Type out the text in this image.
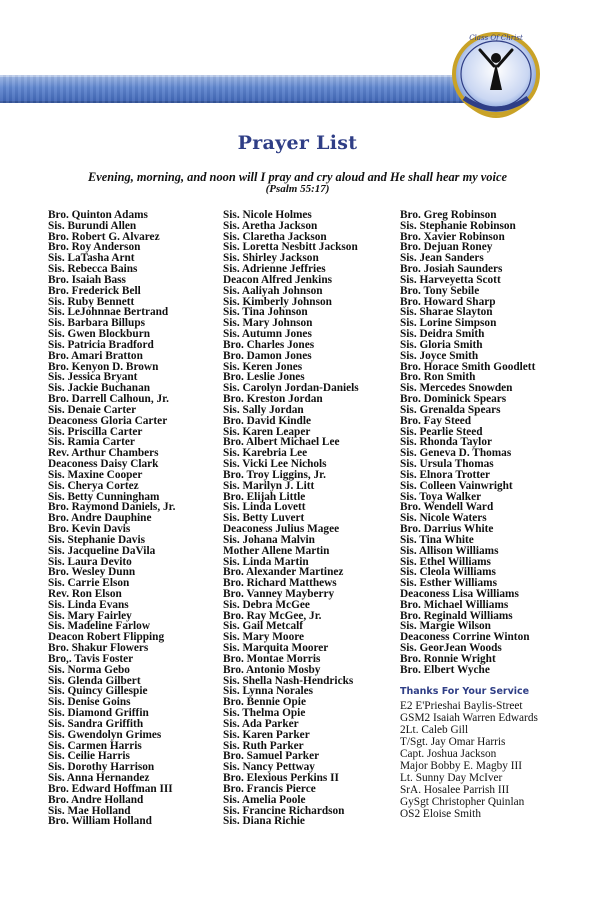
Class Of Christ
Prayer List
Evening, morning, and noon will I pray and cry aloud and He shall hear my voice
(Psalm 55:17)
Bro. Quinton Adams
Sis. Burundi Allen
Bro. Robert G. Alvarez
Bro. Roy Anderson
Sis. LaTasha Arnt
Sis. Rebecca Bains
Bro. Isaiah Bass
Bro. Frederick Bell
Sis. Ruby Bennett
Sis. LeJohnnae Bertrand
Sis. Barbara Billups
Sis. Gwen Blockburn
Sis. Patricia Bradford
Bro. Amari Bratton
Bro. Kenyon D. Brown
Sis. Jessica Bryant
Sis. Jackie Buchanan
Bro. Darrell Calhoun, Jr.
Sis. Denaie Carter
Deaconess Gloria Carter
Sis. Priscilla Carter
Sis. Ramia Carter
Rev. Arthur Chambers
Deaconess Daisy Clark
Sis. Maxine Cooper
Sis. Cherya Cortez
Sis. Betty Cunningham
Bro. Raymond Daniels, Jr.
Bro. Andre Dauphine
Bro. Kevin Davis
Sis. Stephanie Davis
Sis. Jacqueline DaVila
Sis. Laura Devito
Bro. Wesley Dunn
Sis. Carrie Elson
Rev. Ron Elson
Sis. Linda Evans
Sis. Mary Fairley
Sis. Madeline Farlow
Deacon Robert Flipping
Bro. Shakur Flowers
Bro,. Tavis Foster
Sis. Norma Gebo
Sis. Glenda Gilbert
Sis. Quincy Gillespie
Sis. Denise Goins
Sis. Diamond Griffin
Sis. Sandra Griffith
Sis. Gwendolyn Grimes
Sis. Carmen Harris
Sis. Ceilie Harris
Sis. Dorothy Harrison
Sis. Anna Hernandez
Bro. Edward Hoffman III
Bro. Andre Holland
Sis. Mae Holland
Bro. William Holland
Sis. Nicole Holmes
Sis. Aretha Jackson
Sis. Claretha Jackson
Sis. Loretta Nesbitt Jackson
Sis. Shirley Jackson
Sis. Adrienne Jeffries
Deacon Alfred Jenkins
Sis. Aaliyah Johnson
Sis. Kimberly Johnson
Sis. Tina Johnson
Sis. Mary Johnson
Sis. Autumn Jones
Bro. Charles Jones
Bro. Damon Jones
Sis. Keren Jones
Bro. Leslie Jones
Sis. Carolyn Jordan-Daniels
Bro. Kreston Jordan
Sis. Sally Jordan
Bro. David Kindle
Sis. Karen Leaper
Bro. Albert Michael Lee
Sis. Karebria Lee
Sis. Vicki Lee Nichols
Bro. Troy Liggins, Jr.
Sis. Marilyn J. Litt
Bro. Elijah Little
Sis. Linda Lovett
Sis. Betty Luvert
Deaconess Julius Magee
Sis. Johana Malvin
Mother Allene Martin
Sis. Linda Martin
Bro. Alexander Martinez
Bro. Richard Matthews
Bro. Vanney Mayberry
Sis. Debra McGee
Bro. Ray McGee, Jr.
Sis. Gail Metcalf
Sis. Mary Moore
Sis. Marquita Moorer
Bro. Montae Morris
Bro. Antonio Mosby
Sis. Shella Nash-Hendricks
Sis. Lynna Norales
Bro. Bennie Opie
Sis. Thelma Opie
Sis. Ada Parker
Sis. Karen Parker
Sis. Ruth Parker
Bro. Samuel Parker
Sis. Nancy Pettway
Bro. Elexious Perkins II
Bro. Francis Pierce
Sis. Amelia Poole
Sis. Francine Richardson
Sis. Diana Richie
Bro. Greg Robinson
Sis. Stephanie Robinson
Bro. Xavier Robinson
Bro. Dejuan Roney
Sis. Jean Sanders
Bro. Josiah Saunders
Sis. Harveyetta Scott
Bro. Tony Sebile
Bro. Howard Sharp
Sis. Sharae Slayton
Sis. Lorine Simpson
Sis. Deidra Smith
Sis. Gloria Smith
Sis. Joyce Smith
Bro. Horace Smith Goodlett
Bro. Ron Smith
Sis. Mercedes Snowden
Bro. Dominick Spears
Sis. Grenalda Spears
Bro. Fay Steed
Sis. Pearlie Steed
Sis. Rhonda Taylor
Sis. Geneva D. Thomas
Sis. Ursula Thomas
Sis. Elnora Trotter
Sis. Colleen Vainwright
Sis. Toya Walker
Bro. Wendell Ward
Sis. Nicole Waters
Bro. Darrius White
Sis. Tina White
Sis. Allison Williams
Sis. Ethel Williams
Sis. Cleola Williams
Sis. Esther Williams
Deaconess Lisa Williams
Bro. Michael Williams
Bro. Reginald Williams
Sis. Margie Wilson
Deaconess Corrine Winton
Sis. GeorJean Woods
Bro. Ronnie Wright
Bro. Elbert Wyche
Thanks For Your Service
E2 E'Prieshai Baylis-Street
GSM2 Isaiah Warren Edwards
2Lt. Caleb Gill
T/Sgt. Jay Omar Harris
Capt. Joshua Jackson
Major Bobby E. Magby III
Lt. Sunny Day McIver
SrA. Hosalee Parrish III
GySgt Christopher Quinlan
OS2 Eloise Smith
